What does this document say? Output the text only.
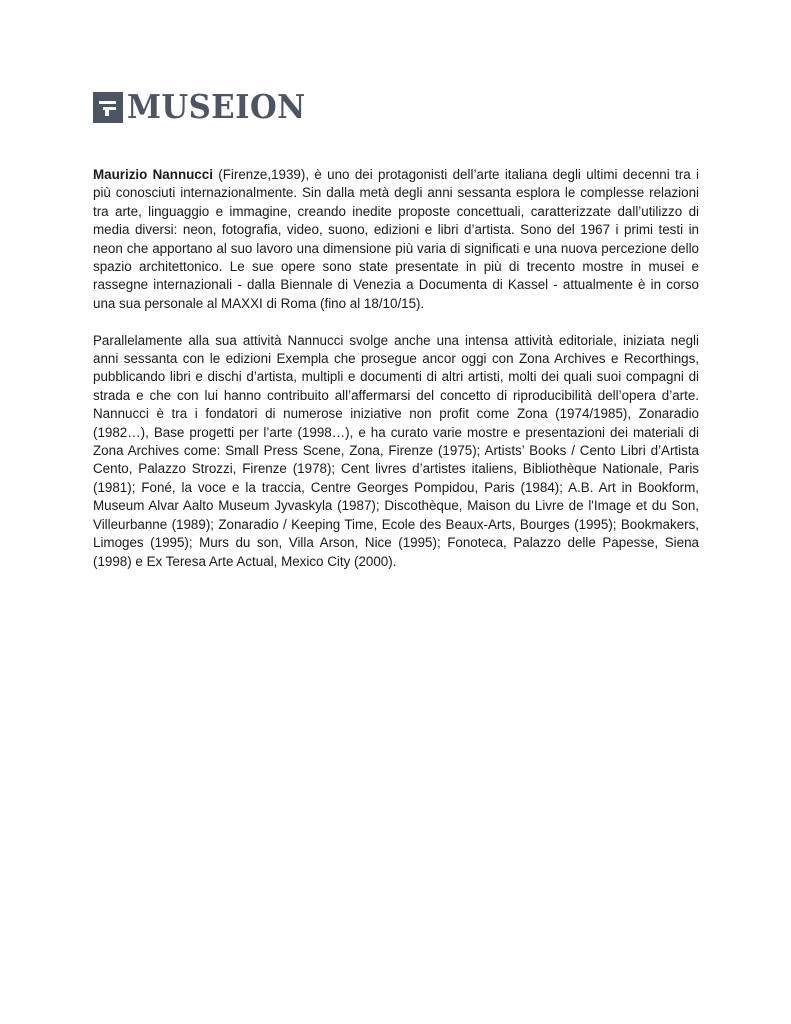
MUSEION

Maurizio Nannucci (Firenze,1939), è uno dei protagonisti dell’arte italiana degli ultimi decenni tra i più conosciuti internazionalmente. Sin dalla metà degli anni sessanta esplora le complesse relazioni tra arte, linguaggio e immagine, creando inedite proposte concettuali, caratterizzate dall’utilizzo di media diversi: neon, fotografia, video, suono, edizioni e libri d’artista. Sono del 1967 i primi testi in neon che apportano al suo lavoro una dimensione più varia di significati e una nuova percezione dello spazio architettonico. Le sue opere sono state presentate in più di trecento mostre in musei e rassegne internazionali - dalla Biennale di Venezia a Documenta di Kassel - attualmente è in corso una sua personale al MAXXI di Roma (fino al 18/10/15).

Parallelamente alla sua attività Nannucci svolge anche una intensa attività editoriale, iniziata negli anni sessanta con le edizioni Exempla che prosegue ancor oggi con Zona Archives e Recorthings, pubblicando libri e dischi d’artista, multipli e documenti di altri artisti, molti dei quali suoi compagni di strada e che con lui hanno contribuito all’affermarsi del concetto di riproducibilità dell’opera d’arte. Nannucci è tra i fondatori di numerose iniziative non profit come Zona (1974/1985), Zonaradio (1982…), Base progetti per l’arte (1998…), e ha curato varie mostre e presentazioni dei materiali di Zona Archives come: Small Press Scene, Zona, Firenze (1975); Artists’ Books / Cento Libri d’Artista Cento, Palazzo Strozzi, Firenze (1978); Cent livres d’artistes italiens, Bibliothèque Nationale, Paris (1981); Foné, la voce e la traccia, Centre Georges Pompidou, Paris (1984); A.B. Art in Bookform, Museum Alvar Aalto Museum Jyvaskyla (1987); Discothèque, Maison du Livre de l'Image et du Son, Villeurbanne (1989); Zonaradio / Keeping Time, Ecole des Beaux-Arts, Bourges (1995); Bookmakers, Limoges (1995); Murs du son, Villa Arson, Nice (1995); Fonoteca, Palazzo delle Papesse, Siena (1998) e Ex Teresa Arte Actual, Mexico City (2000).
